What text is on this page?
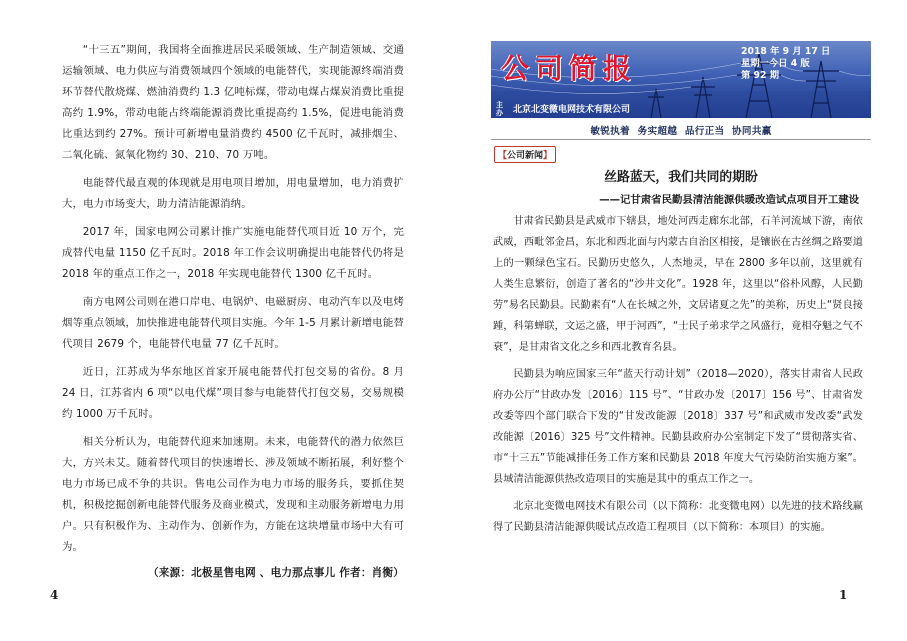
“十三五”期间，我国将全面推进居民采暖领域、生产制造领域、交通运输领域、电力供应与消费领域四个领域的电能替代，实现能源终端消费环节替代散烧煤、燃油消费约 1.3 亿吨标煤，带动电煤占煤炭消费比重提高约 1.9%，带动电能占终端能源消费比重提高约 1.5%，促进电能消费比重达到约 27%。预计可新增电量消费约 4500 亿千瓦时，减排烟尘、二氧化硫、氮氧化物约 30、210、70 万吨。

电能替代最直观的体现就是用电项目增加，用电量增加，电力消费扩大，电力市场变大，助力清洁能源消纳。

2017 年，国家电网公司累计推广实施电能替代项目近 10 万个，完成替代电量 1150 亿千瓦时。2018 年工作会议明确提出电能替代仍将是 2018 年的重点工作之一，2018 年实现电能替代 1300 亿千瓦时。

南方电网公司则在港口岸电、电锅炉、电磁厨房、电动汽车以及电烤烟等重点领域，加快推进电能替代项目实施。今年 1-5 月累计新增电能替代项目 2679 个，电能替代电量 77 亿千瓦时。

近日，江苏成为华东地区首家开展电能替代打包交易的省份。8 月 24 日，江苏省内 6 项“以电代煤”项目参与电能替代打包交易，交易规模约 1000 万千瓦时。

相关分析认为，电能替代迎来加速期。未来，电能替代的潜力依然巨大，方兴未艾。随着替代项目的快速增长、涉及领域不断拓展，利好整个电力市场已成不争的共识。售电公司作为电力市场的服务兵，要抓住契机，积极挖掘创新电能替代服务及商业模式，发现和主动服务新增电力用户。只有积极作为、主动作为、创新作为，方能在这块增量市场中大有可为。

（来源：北极星售电网 、电力那点事儿 作者：肖衡）
4
公司简报
2018 年 9 月 17 日
星期一今日 4 版
第 92 期
主办	北京北变微电网技术有限公司
敏锐执着 务实超越 品行正当 协同共赢
【公司新闻】
丝路蓝天，我们共同的期盼
——记甘肃省民勤县清洁能源供暖改造试点项目开工建设

甘肃省民勤县是武威市下辖县，地处河西走廊东北部，石羊河流域下游，南依武威，西毗邻金昌，东北和西北面与内蒙古自治区相接，是镶嵌在古丝绸之路要道上的一颗绿色宝石。民勤历史悠久，人杰地灵，早在 2800 多年以前，这里就有人类生息繁衍，创造了著名的“沙井文化”。1928 年，这里以“俗朴风醇，人民勤劳”易名民勤县。民勤素有“人在长城之外，文居诸夏之先”的美称，历史上“贤良接踵，科第蝉联，文运之盛，甲于河西”，“士民子弟求学之风盛行，竟相夺魁之气不衰”，是甘肃省文化之乡和西北教育名县。

民勤县为响应国家三年“蓝天行动计划”（2018—2020），落实甘肃省人民政府办公厅“甘政办发〔2016〕115 号”、“甘政办发〔2017〕156 号”、甘肃省发改委等四个部门联合下发的“甘发改能源〔2018〕337 号”和武威市发改委“武发改能源〔2016〕325 号”文件精神。民勤县政府办公室制定下发了“贯彻落实省、市“十三五”节能减排任务工作方案和民勤县 2018 年度大气污染防治实施方案”。县域清洁能源供热改造项目的实施是其中的重点工作之一。

北京北变微电网技术有限公司（以下简称：北变微电网）以先进的技术路线赢得了民勤县清洁能源供暖试点改造工程项目（以下简称：本项目）的实施。

1
